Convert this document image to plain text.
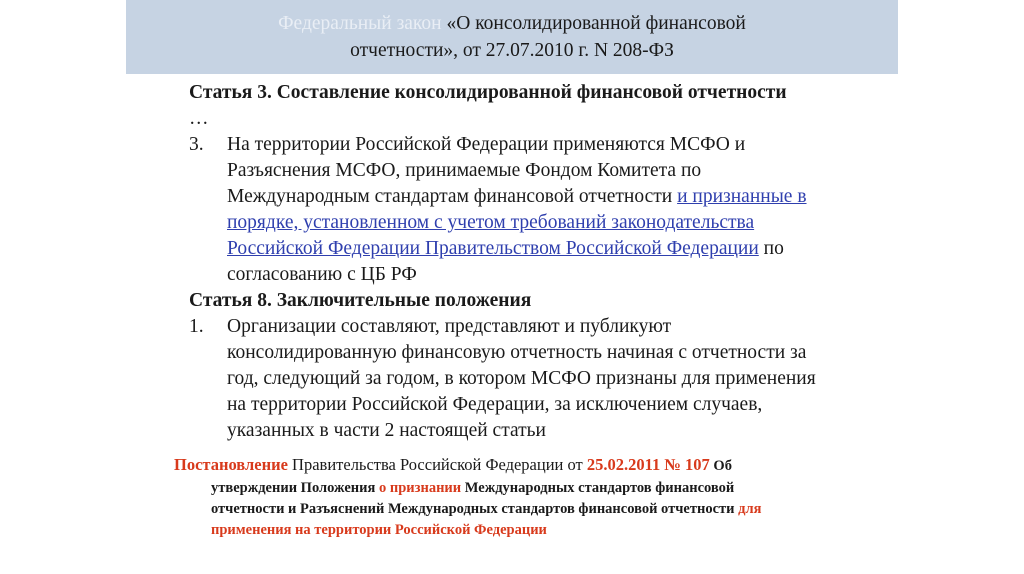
Федеральный закон «О консолидированной финансовой
отчетности», от 27.07.2010 г. N 208-ФЗ

Статья 3. Составление консолидированной финансовой отчетности

…

3. На территории Российской Федерации применяются МСФО и
Разъяснения МСФО, принимаемые Фондом Комитета по
Международным стандартам финансовой отчетности и признанные в
порядке, установленном с учетом требований законодательства
Российской Федерации Правительством Российской Федерации по
согласованию с ЦБ РФ

Статья 8. Заключительные положения

1. Организации составляют, представляют и публикуют
консолидированную финансовую отчетность начиная с отчетности за
год, следующий за годом, в котором МСФО признаны для применения
на территории Российской Федерации, за исключением случаев,
указанных в части 2 настоящей статьи

Постановление Правительства Российской Федерации от 25.02.2011 № 107 Об

утверждении Положения о признании Международных стандартов финансовой
отчетности и Разъяснений Международных стандартов финансовой отчетности для
применения на территории Российской Федерации
